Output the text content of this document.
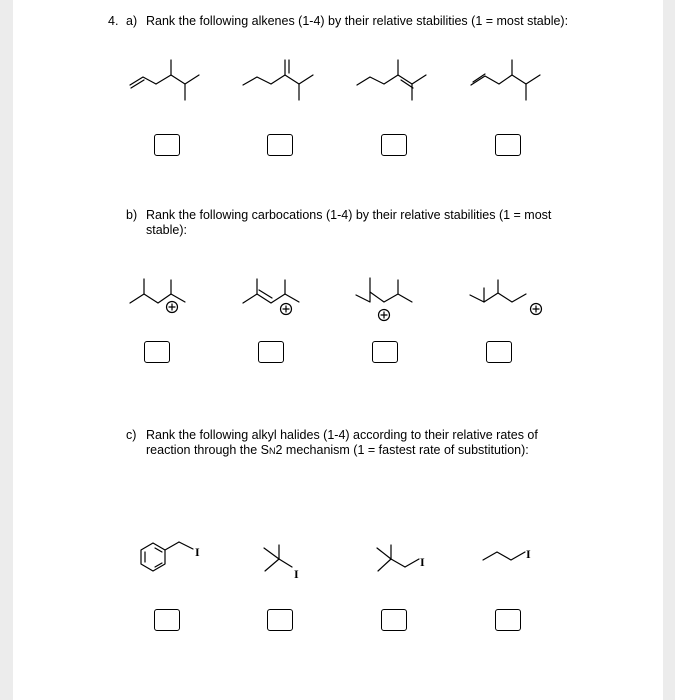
4. a) Rank the following alkenes (1-4) by their relative stabilities (1 = most stable):
b) Rank the following carbocations (1-4) by their relative stabilities (1 = most
stable):
c) Rank the following alkyl halides (1-4) according to their relative rates of
reaction through the SN2 mechanism (1 = fastest rate of substitution):
I
I
I
I
